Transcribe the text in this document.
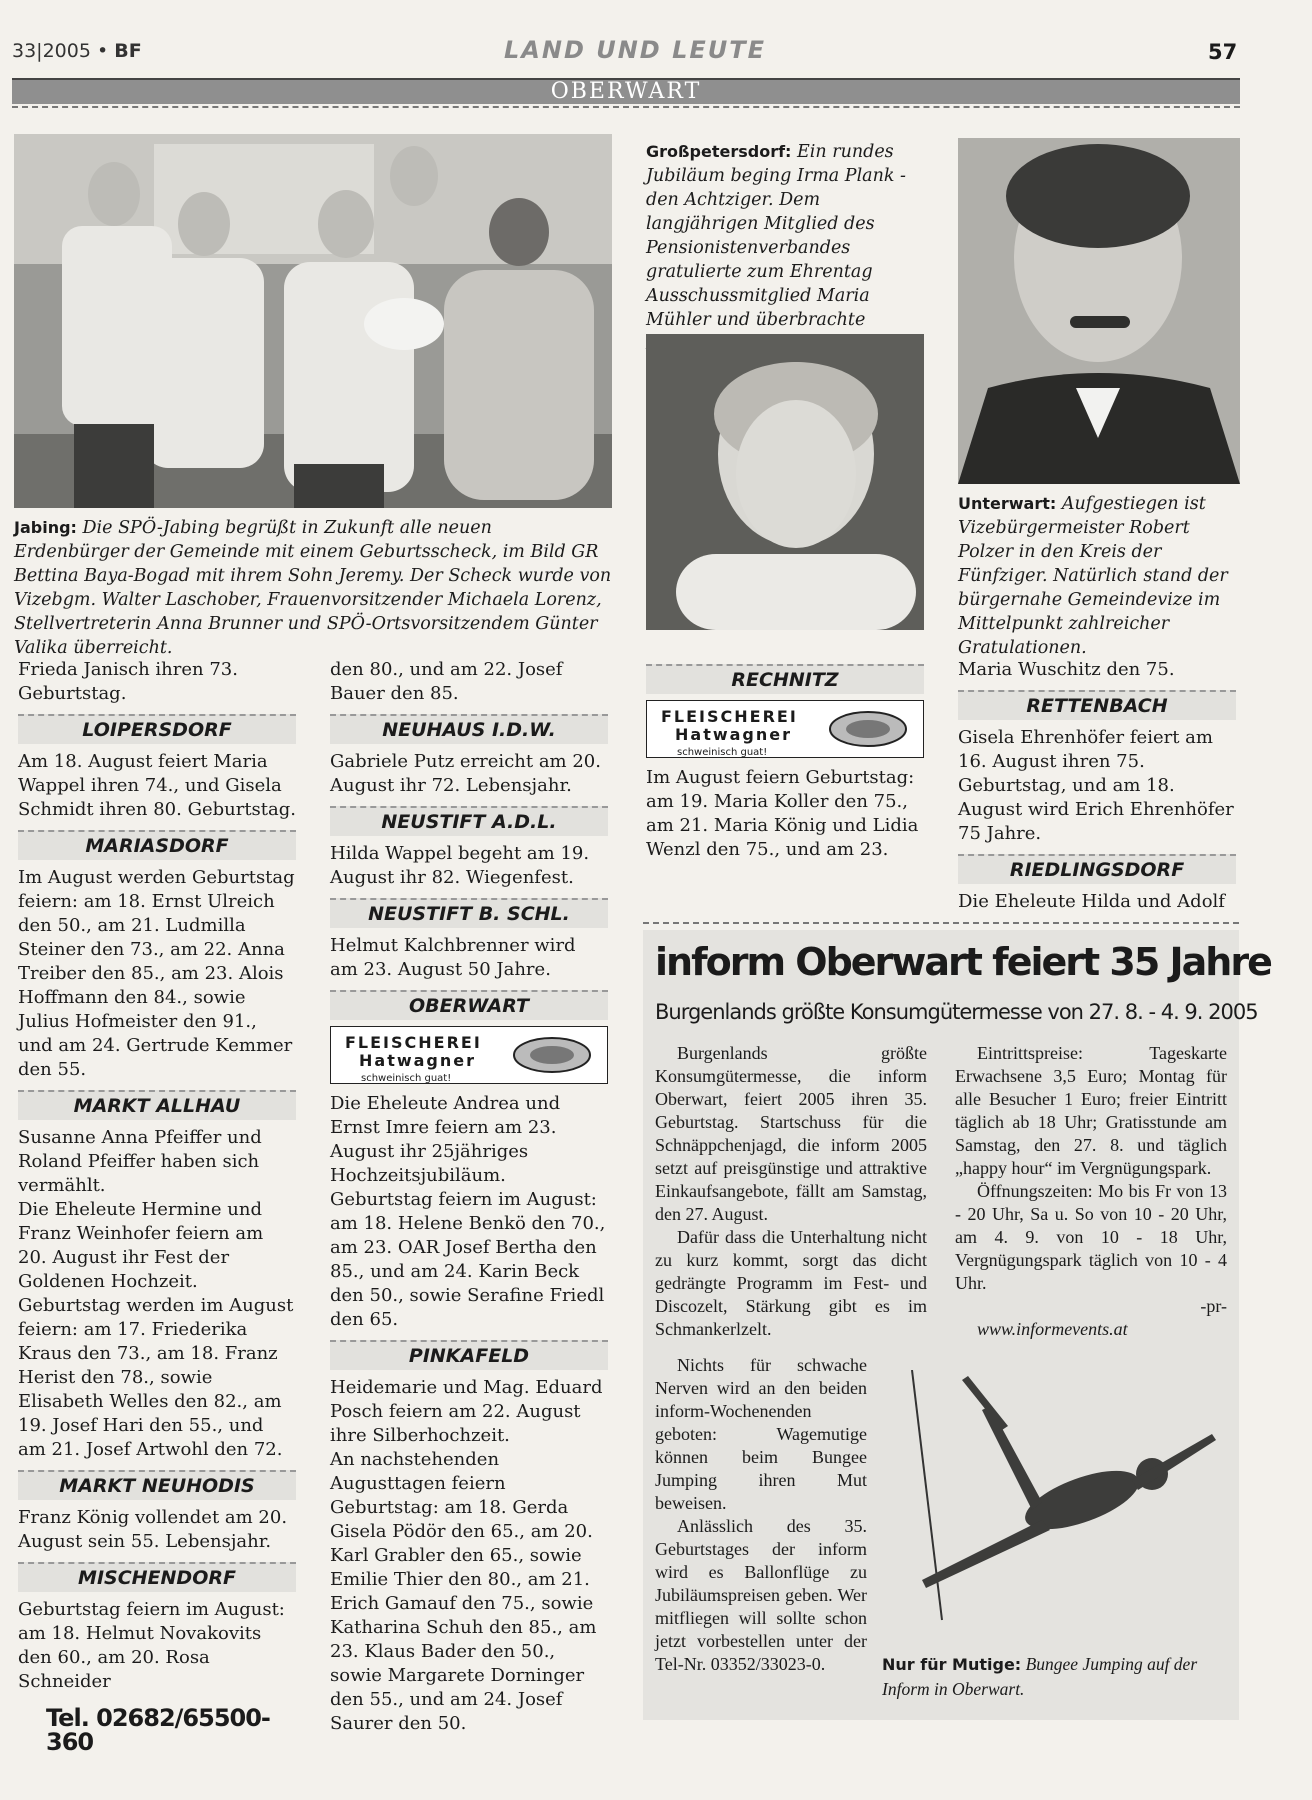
33|2005 • BF	LAND UND LEUTE	57
OBERWART
Jabing: Die SPÖ-Jabing begrüßt in Zukunft alle neuen Erdenbürger der Gemeinde mit einem Geburtsscheck, im Bild GR Bettina Baya-Bogad mit ihrem Sohn Jeremy. Der Scheck wurde von Vizebgm. Walter Laschober, Frauenvorsitzender Michaela Lorenz, Stellvertreterin Anna Brunner und SPÖ-Ortsvorsitzendem Günter Valika überreicht.
Großpetersdorf: Ein rundes Jubiläum beging Irma Plank - den Achtziger. Dem langjährigen Mitglied des Pensionistenverbandes gratulierte zum Ehrentag Ausschussmitglied Maria Mühler und überbrachte
Unterwart: Aufgestiegen ist Vizebürgermeister Robert Polzer in den Kreis der Fünfziger. Natürlich stand der bürgernahe Gemeindevize im Mittelpunkt zahlreicher Gratulationen.

Frieda Janisch ihren 73. Geburtstag.

LOIPERSDORF

Am 18. August feiert Maria Wappel ihren 74., und Gisela Schmidt ihren 80. Geburtstag.

MARIASDORF

Im August werden Geburtstag feiern: am 18. Ernst Ulreich den 50., am 21. Ludmilla Steiner den 73., am 22. Anna Treiber den 85., am 23. Alois Hoffmann den 84., sowie Julius Hofmeister den 91., und am 24. Gertrude Kemmer den 55.

MARKT ALLHAU

Susanne Anna Pfeiffer und Roland Pfeiffer haben sich vermählt.

Die Eheleute Hermine und Franz Weinhofer feiern am 20. August ihr Fest der Goldenen Hochzeit.

Geburtstag werden im August feiern: am 17. Friederika Kraus den 73., am 18. Franz Herist den 78., sowie Elisabeth Welles den 82., am 19. Josef Hari den 55., und am 21. Josef Artwohl den 72.

MARKT NEUHODIS

Franz König vollendet am 20. August sein 55. Lebensjahr.

MISCHENDORF

Geburtstag feiern im August: am 18. Helmut Novakovits den 60., am 20. Rosa Schneider

Tel. 02682/65500-360

den 80., und am 22. Josef Bauer den 85.

NEUHAUS I.D.W.

Gabriele Putz erreicht am 20. August ihr 72. Lebensjahr.

NEUSTIFT A.D.L.

Hilda Wappel begeht am 19. August ihr 82. Wiegenfest.

NEUSTIFT B. SCHL.

Helmut Kalchbrenner wird am 23. August 50 Jahre.

OBERWART
FLEISCHEREI
Hatwagner
schweinisch guat!

Die Eheleute Andrea und Ernst Imre feiern am 23. August ihr 25jähriges Hochzeitsjubiläum.

Geburtstag feiern im August: am 18. Helene Benkö den 70., am 23. OAR Josef Bertha den 85., und am 24. Karin Beck den 50., sowie Serafine Friedl den 65.

PINKAFELD

Heidemarie und Mag. Eduard Posch feiern am 22. August ihre Silberhochzeit.

An nachstehenden Augusttagen feiern Geburtstag: am 18. Gerda Gisela Pödör den 65., am 20. Karl Grabler den 65., sowie Emilie Thier den 80., am 21. Erich Gamauf den 75., sowie Katharina Schuh den 85., am 23. Klaus Bader den 50., sowie Margarete Dorninger den 55., und am 24. Josef Saurer den 50.

RECHNITZ
FLEISCHEREI
Hatwagner
schweinisch guat!

Im August feiern Geburtstag: am 19. Maria Koller den 75., am 21. Maria König und Lidia Wenzl den 75., und am 23.

Maria Wuschitz den 75.

RETTENBACH

Gisela Ehrenhöfer feiert am 16. August ihren 75. Geburtstag, und am 18. August wird Erich Ehrenhöfer 75 Jahre.

RIEDLINGSDORF

Die Eheleute Hilda und Adolf

inform Oberwart feiert 35 Jahre
Burgenlands größte Konsumgütermesse von 27. 8. - 4. 9. 2005

Burgenlands größte Konsumgütermesse, die inform Oberwart, feiert 2005 ihren 35. Geburtstag. Startschuss für die Schnäppchenjagd, die inform 2005 setzt auf preisgünstige und attraktive Einkaufsangebote, fällt am Samstag, den 27. August.

Dafür dass die Unterhaltung nicht zu kurz kommt, sorgt das dicht gedrängte Programm im Fest- und Discozelt, Stärkung gibt es im Schmankerlzelt.

Nichts für schwache Nerven wird an den beiden inform-Wochenenden geboten: Wagemutige können beim Bungee Jumping ihren Mut beweisen.

Anlässlich des 35. Geburtstages der inform wird es Ballonflüge zu Jubiläumspreisen geben. Wer mitfliegen will sollte schon jetzt vorbestellen unter der Tel-Nr. 03352/33023-0.

Eintrittspreise: Tageskarte Erwachsene 3,5 Euro; Montag für alle Besucher 1 Euro; freier Eintritt täglich ab 18 Uhr; Gratisstunde am Samstag, den 27. 8. und täglich „happy hour“ im Vergnügungspark.

Öffnungszeiten: Mo bis Fr von 13 - 20 Uhr, Sa u. So von 10 - 20 Uhr, am 4. 9. von 10 - 18 Uhr, Vergnügungspark täglich von 10 - 4 Uhr.

-pr-
www.informevents.at
Nur für Mutige: Bungee Jumping auf der Inform in Oberwart.
